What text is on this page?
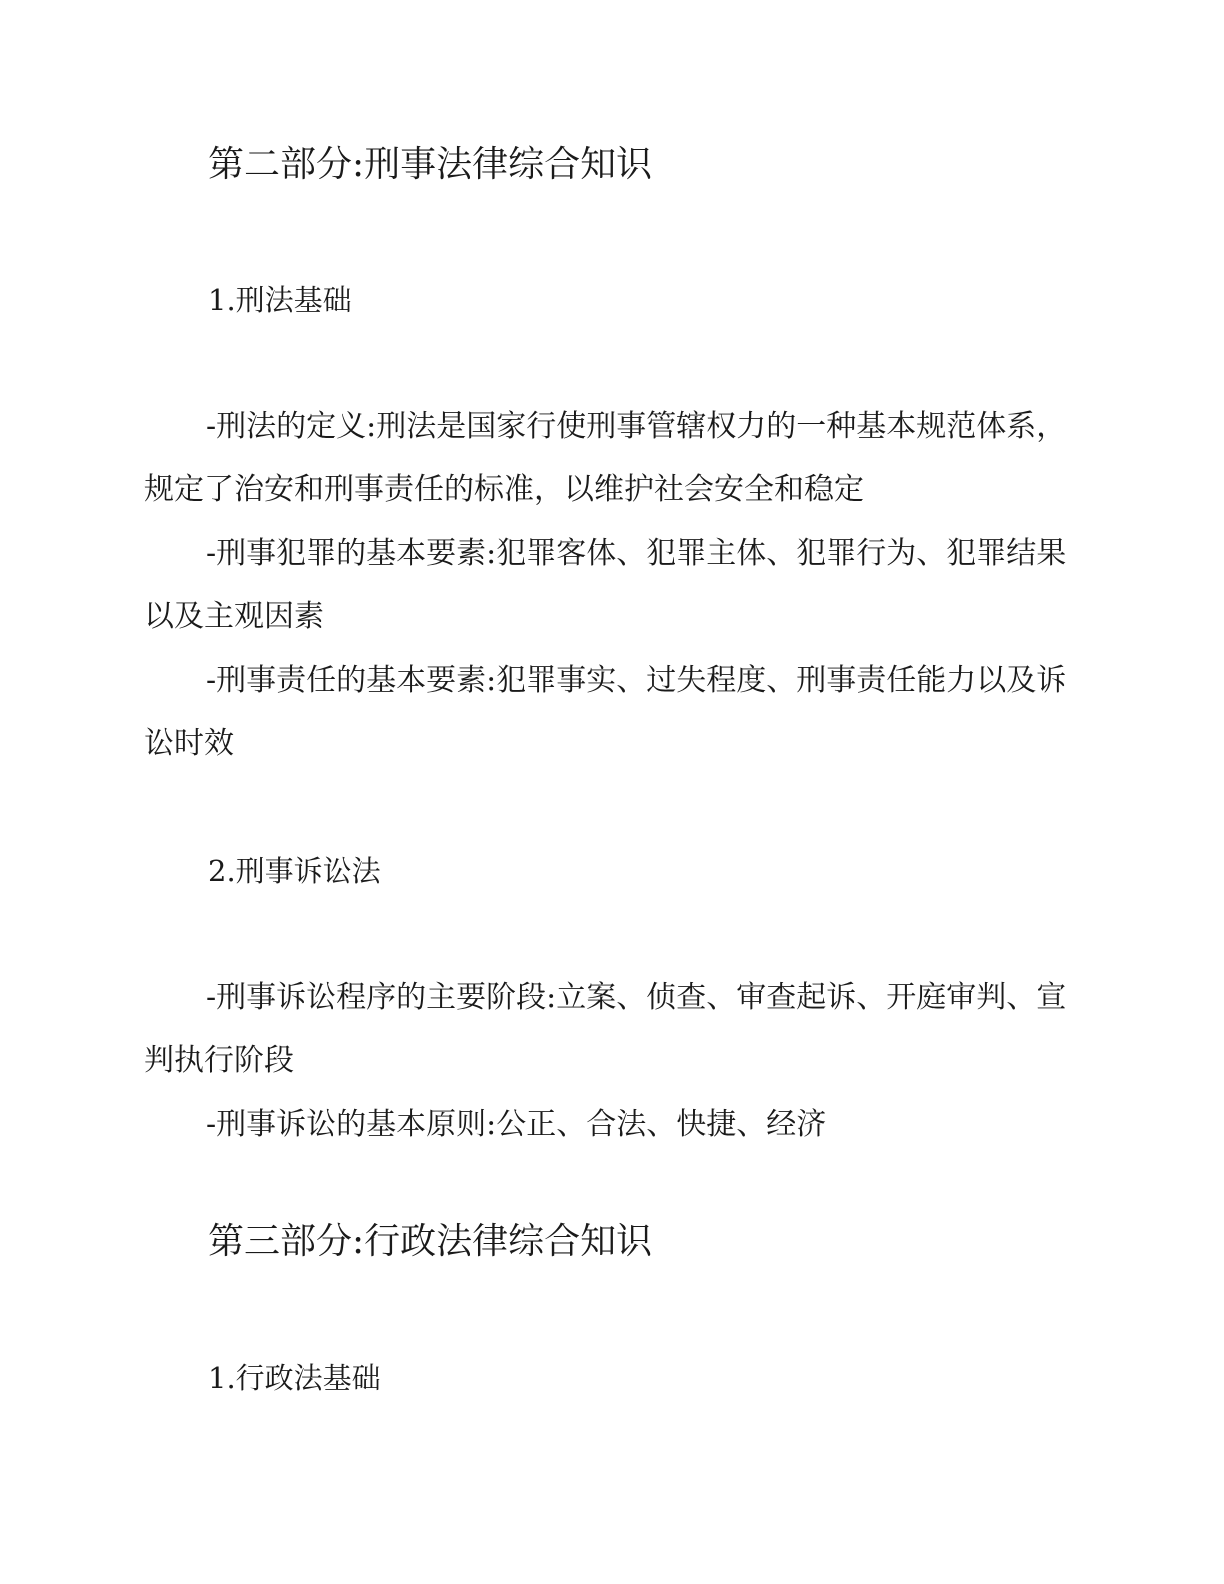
第二部分:刑事法律综合知识
1.刑法基础

-刑法的定义:刑法是国家行使刑事管辖权力的一种基本规范体系，规定了治安和刑事责任的标准，以维护社会安全和稳定

-刑事犯罪的基本要素:犯罪客体、犯罪主体、犯罪行为、犯罪结果以及主观因素

-刑事责任的基本要素:犯罪事实、过失程度、刑事责任能力以及诉讼时效

2.刑事诉讼法

-刑事诉讼程序的主要阶段:立案、侦查、审查起诉、开庭审判、宣判执行阶段

-刑事诉讼的基本原则:公正、合法、快捷、经济

第三部分:行政法律综合知识
1.行政法基础
